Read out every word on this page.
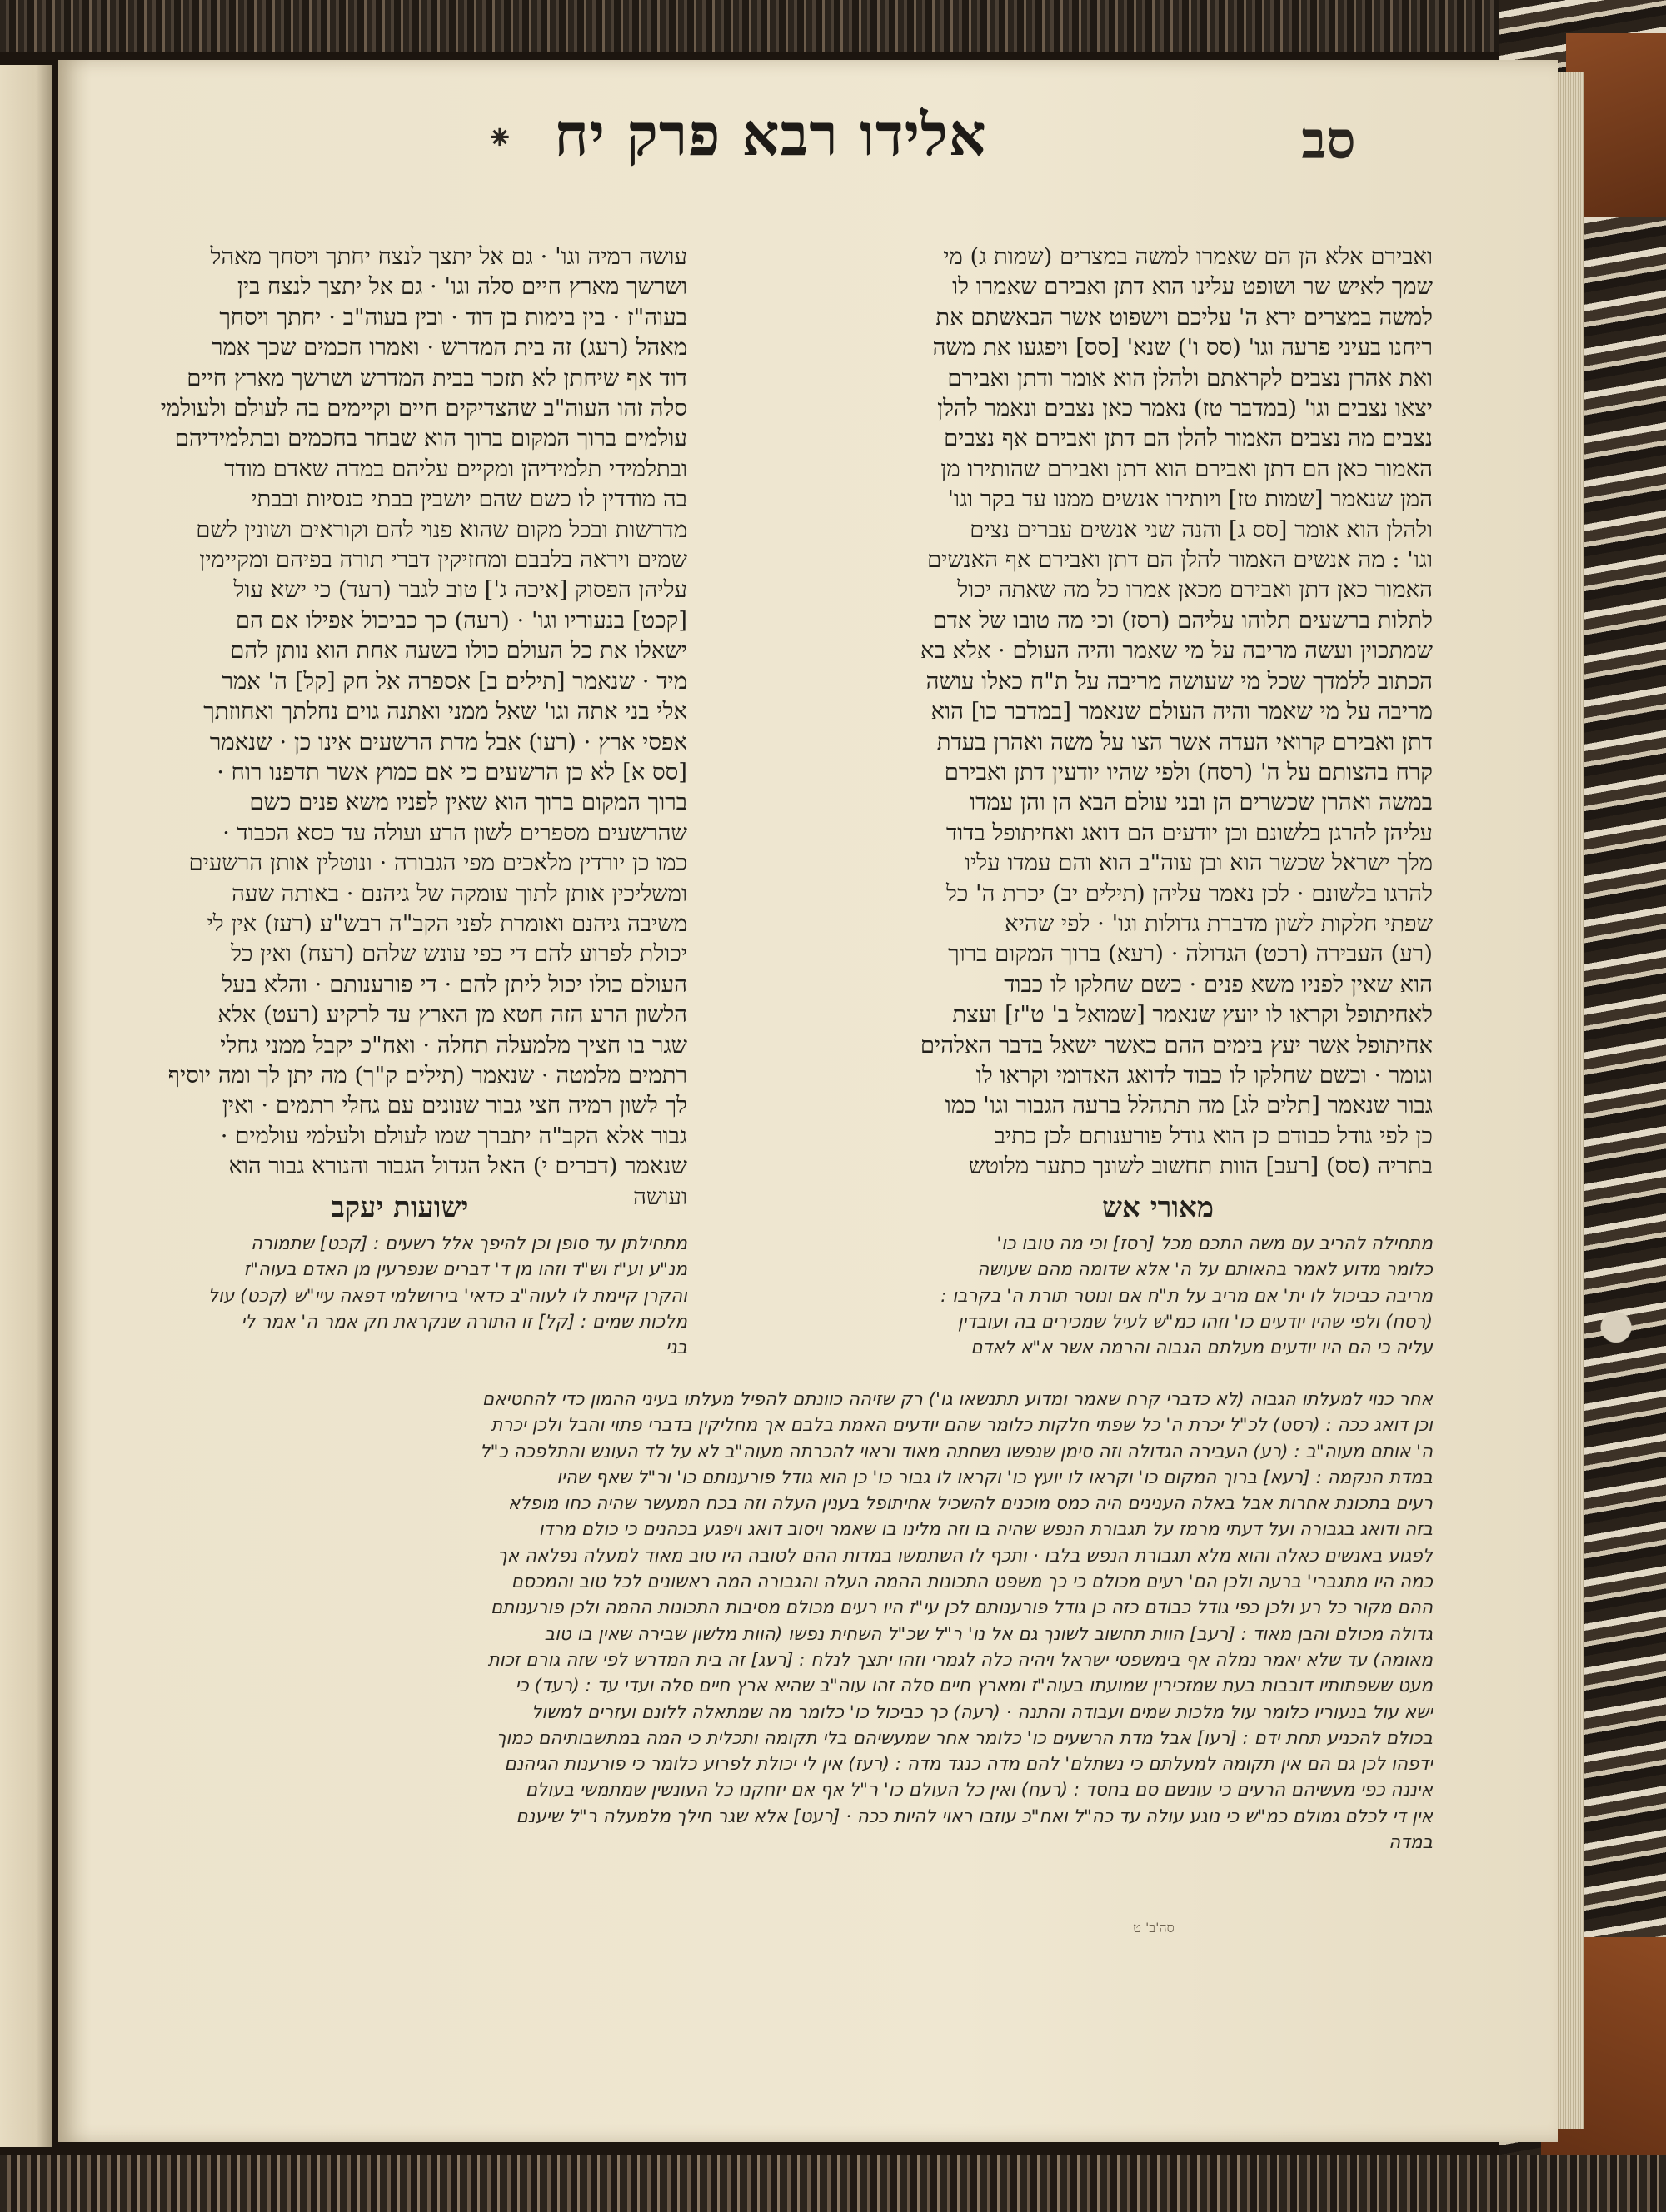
סב
אלידו רבא פרק יח
⁕
ואבירם אלא הן הם שאמרו למשה במצרים (שמות ג) מי
שמך לאיש שר ושופט עלינו הוא דתן ואבירם שאמרו לו
למשה במצרים ירא ה' עליכם וישפוט אשר הבאשתם את
ריחנו בעיני פרעה וגו' (סס ו') שנא' [סס] ויפגעו את משה
ואת אהרן נצבים לקראתם ולהלן הוא אומר ודתן ואבירם
יצאו נצבים וגו' (במדבר טז) נאמר כאן נצבים ונאמר להלן
נצבים מה נצבים האמור להלן הם דתן ואבירם אף נצבים
האמור כאן הם דתן ואבירם הוא דתן ואבירם שהותירו מן
המן שנאמר [שמות טז] ויותירו אנשים ממנו עד בקר וגו'
ולהלן הוא אומר [סס ג] והנה שני אנשים עברים נצים
וגו' : מה אנשים האמור להלן הם דתן ואבירם אף האנשים
האמור כאן דתן ואבירם מכאן אמרו כל מה שאתה יכול
לתלות ברשעים תלוהו עליהם (רסז) וכי מה טובו של אדם
שמתכוין ועשה מריבה על מי שאמר והיה העולם · אלא בא
הכתוב ללמדך שכל מי שעושה מריבה על ת"ח כאלו עושה
מריבה על מי שאמר והיה העולם שנאמר [במדבר כו] הוא
דתן ואבירם קרואי העדה אשר הצו על משה ואהרן בעדת
קרח בהצותם על ה' (רסח) ולפי שהיו יודעין דתן ואבירם
במשה ואהרן שכשרים הן ובני עולם הבא הן והן עמדו
עליהן להרגן בלשונם וכן יודעים הם דואג ואחיתופל בדוד
מלך ישראל שכשר הוא ובן עוה"ב הוא והם עמדו עליו
להרגו בלשונם · לכן נאמר עליהן (תילים יב) יכרת ה' כל
שפתי חלקות לשון מדברת גדולות וגו' · לפי שהיא
(רע) העבירה (רכט) הגדולה · (רעא) ברוך המקום ברוך
הוא שאין לפניו משא פנים · כשם שחלקו לו כבוד
לאחיתופל וקראו לו יועץ שנאמר [שמואל ב' ט"ז] ועצת
אחיתופל אשר יעץ בימים ההם כאשר ישאל בדבר האלהים
וגומר · וכשם שחלקו לו כבוד לדואג האדומי וקראו לו
גבור שנאמר [תלים לג] מה תתהלל ברעה הגבור וגו' כמו
כן לפי גודל כבודם כן הוא גודל פורענותם לכן כתיב
בתריה (סס) [רעב] הוות תחשוב לשונך כתער מלוטש
עושה רמיה וגו' · גם אל יתצך לנצח יחתך ויסחך מאהל
ושרשך מארץ חיים סלה וגו' · גם אל יתצך לנצח בין
בעוה"ז · בין בימות בן דוד · ובין בעוה"ב · יחתך ויסחך
מאהל (רעג) זה בית המדרש · ואמרו חכמים שכך אמר
דוד אף שיחתן לא תזכר בבית המדרש ושרשך מארץ חיים
סלה זהו העוה"ב שהצדיקים חיים וקיימים בה לעולם ולעולמי
עולמים ברוך המקום ברוך הוא שבחר בחכמים ובתלמידיהם
ובתלמידי תלמידיהן ומקיים עליהם במדה שאדם מודד
בה מודדין לו כשם שהם יושבין בבתי כנסיות ובבתי
מדרשות ובכל מקום שהוא פנוי להם וקוראים ושונין לשם
שמים ויראה בלבבם ומחזיקין דברי תורה בפיהם ומקיימין
עליהן הפסוק [איכה ג'] טוב לגבר (רעד) כי ישא עול
[קכט] בנעוריו וגו' · (רעה) כך כביכול אפילו אם הם
ישאלו את כל העולם כולו בשעה אחת הוא נותן להם
מיד · שנאמר [תילים ב] אספרה אל חק [קל] ה' אמר
אלי בני אתה וגו' שאל ממני ואתנה גוים נחלתך ואחוזתך
אפסי ארץ · (רעו) אבל מדת הרשעים אינו כן · שנאמר
[סס א] לא כן הרשעים כי אם כמוץ אשר תדפנו רוח ·
ברוך המקום ברוך הוא שאין לפניו משא פנים כשם
שהרשעים מספרים לשון הרע ועולה עד כסא הכבוד ·
כמו כן יורדין מלאכים מפי הגבורה · ונוטלין אותן הרשעים
ומשליכין אותן לתוך עומקה של גיהנם · באותה שעה
משיבה גיהנם ואומרת לפני הקב"ה רבש"ע (רעז) אין לי
יכולת לפרוע להם די כפי עונש שלהם (רעח) ואין כל
העולם כולו יכול ליתן להם · די פורענותם · והלא בעל
הלשון הרע הזה חטא מן הארץ עד לרקיע (רעט) אלא
שגר בו חציך מלמעלה תחלה · ואח"כ יקבל ממני גחלי
רתמים מלמטה · שנאמר (תילים ק"ך) מה יתן לך ומה יוסיף
לך לשון רמיה חצי גבור שנונים עם גחלי רתמים · ואין
גבור אלא הקב"ה יתברך שמו לעולם ולעלמי עולמים ·
שנאמר (דברים י) האל הגדול הגבור והנורא גבור הוא
ועושה	מאורי אש
ישועות יעקב
מתחילה להריב עם משה התכם מכל [רסז] וכי מה טובו כו'
כלומר מדוע לאמר בהאותם על ה' אלא שדומה מהם שעושה
מריבה כביכול לו ית' אם מריב על ת"ח אם ונוטר תורת ה' בקרבו :
(רסח) ולפי שהיו יודעים כו' וזהו כמ"ש לעיל שמכירים בה ועובדין
עליה כי הם היו יודעים מעלתם הגבוה והרמה אשר א"א לאדם
מתחילתן עד סופן וכן להיפך אלל רשעים : [קכט] שתמורה
מנ"ע וע"ז וש"ד וזהו מן ד' דברים שנפרעין מן האדם בעוה"ז
והקרן קיימת לו לעוה"ב כדאי' בירושלמי דפאה עיי"ש (קכט) עול
מלכות שמים : [קל] זו התורה שנקראת חק אמר ה' אמר לי
בני
אחר כנוי למעלתו הגבוה (לא כדברי קרח שאמר ומדוע תתנשאו גו') רק שזיהה כוונתם להפיל מעלתו בעיני ההמון כדי להחטיאם
וכן דואג ככה : (רסט) לכ"ל יכרת ה' כל שפתי חלקות כלומר שהם יודעים האמת בלבם אך מחליקין בדברי פתוי והבל ולכן יכרת
ה' אותם מעוה"ב : (רע) העבירה הגדולה וזה סימן שנפשו נשחתה מאוד וראוי להכרתה מעוה"ב לא על לד העונש והתלפכה כ"ל
במדת הנקמה : [רעא] ברוך המקום כו' וקראו לו יועץ כו' וקראו לו גבור כו' כן הוא גודל פורענותם כו' ור"ל שאף שהיו
רעים בתכונת אחרות אבל באלה הענינים היה כמס מוכנים להשכיל אחיתופל בענין העלה וזה בכח המעשר שהיה כחו מופלא
בזה ודואג בגבורה ועל דעתי מרמז על תגבורת הנפש שהיה בו וזה מלינו בו שאמר ויסוב דואג ויפגע בכהנים כי כולם מרדו
לפגוע באנשים כאלה והוא מלא תגבורת הנפש בלבו · ותכף לו השתמשו במדות ההם לטובה היו טוב מאוד למעלה נפלאה אך
כמה היו מתגברי' ברעה ולכן הם' רעים מכולם כי כך משפט התכונות ההמה העלה והגבורה המה ראשונים לכל טוב והמכסם
ההם מקור כל רע ולכן כפי גודל כבודם כזה כן גודל פורענותם לכן עי"ז היו רעים מכולם מסיבות התכונות ההמה ולכן פורענותם
גדולה מכולם והבן מאוד : [רעב] הוות תחשוב לשונך גם אל נו' ר"ל שכ"ל השחית נפשו (הוות מלשון שבירה שאין בו טוב
מאומה) עד שלא יאמר נמלה אף בימשפטי ישראל ויהיה כלה לגמרי וזהו יתצך לנלח : [רעג] זה בית המדרש לפי שזה גורם זכות
מעט ששפתותיו דובבות בעת שמזכירין שמועתו בעוה"ז ומארץ חיים סלה זהו עוה"ב שהיא ארץ חיים סלה ועדי עד : (רעד) כי
ישא עול בנעוריו כלומר עול מלכות שמים ועבודה והתנה · (רעה) כך כביכול כו' כלומר מה שמתאלה ללונם ועזרים למשול
בכולם להכניע תחת ידם : [רעו] אבל מדת הרשעים כו' כלומר אחר שמעשיהם בלי תקומה ותכלית כי המה במתשבותיהם כמוך
ידפהו לכן גם הם אין תקומה למעלתם כי נשתלם' להם מדה כנגד מדה : (רעז) אין לי יכולת לפרוע כלומר כי פורענות הגיהנם
איננה כפי מעשיהם הרעים כי עונשם סם בחסד : (רעח) ואין כל העולם כו' ר"ל אף אם יזחקנו כל העונשין שמתמשי בעולם
אין די לכלם גמולם כמ"ש כי נוגע עולה עד כה"ל ואח"כ עוזבו ראוי להיות ככה · [רעט] אלא שגר חילך מלמעלה ר"ל שיענם
במדה
סה'ב' ט
